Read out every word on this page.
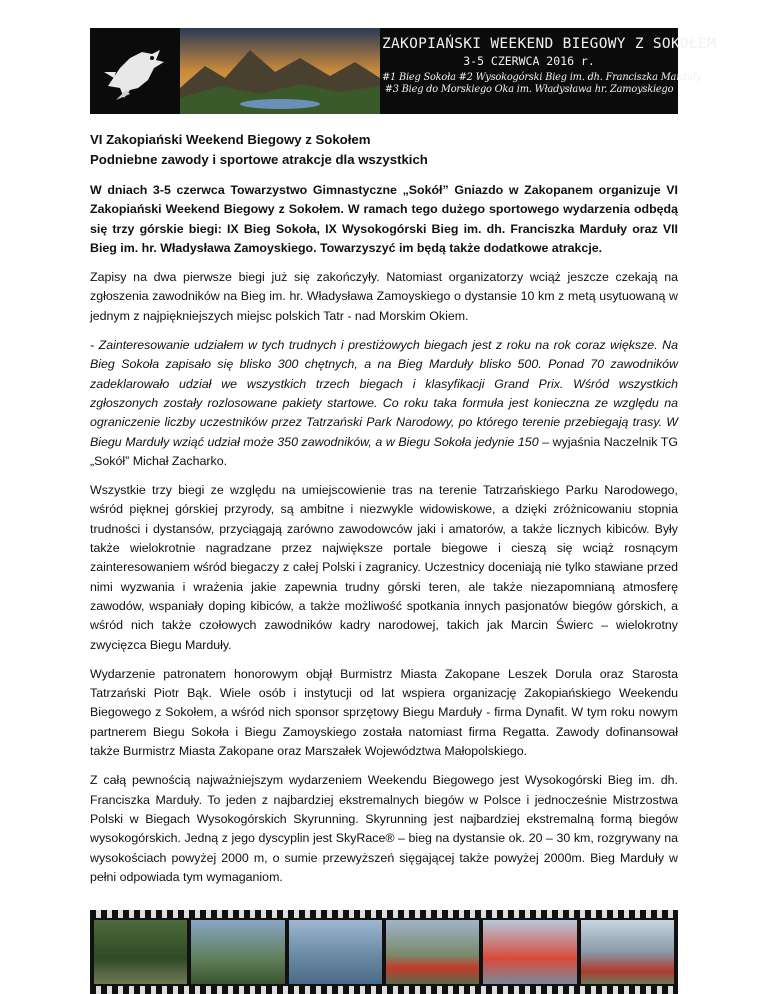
ZAKOPIAŃSKI WEEKEND BIEGOWY Z SOKOŁEM
3-5 CZERWCA 2016 r.
#1 Bieg Sokoła #2 Wysokogórski Bieg im. dh. Franciszka Marduły
#3 Bieg do Morskiego Oka im. Władysława hr. Zamoyskiego
VI Zakopiański Weekend Biegowy z Sokołem
Podniebne zawody i sportowe atrakcje dla wszystkich

W dniach 3-5 czerwca Towarzystwo Gimnastyczne „Sokół” Gniazdo w Zakopanem organizuje VI Zakopiański Weekend Biegowy z Sokołem. W ramach tego dużego sportowego wydarzenia odbędą się trzy górskie biegi: IX Bieg Sokoła, IX Wysokogórski Bieg im. dh. Franciszka Marduły oraz VII Bieg im. hr. Władysława Zamoyskiego. Towarzyszyć im będą także dodatkowe atrakcje.

Zapisy na dwa pierwsze biegi już się zakończyły. Natomiast organizatorzy wciąż jeszcze czekają na zgłoszenia zawodników na Bieg im. hr. Władysława Zamoyskiego o dystansie 10 km z metą usytuowaną w jednym z najpiękniejszych miejsc polskich Tatr - nad Morskim Okiem.

- Zainteresowanie udziałem w tych trudnych i prestiżowych biegach jest z roku na rok coraz większe. Na Bieg Sokoła zapisało się blisko 300 chętnych, a na Bieg Marduły blisko 500. Ponad 70 zawodników zadeklarowało udział we wszystkich trzech biegach i klasyfikacji Grand Prix. Wśród wszystkich zgłoszonych zostały rozlosowane pakiety startowe. Co roku taka formuła jest konieczna ze względu na ograniczenie liczby uczestników przez Tatrzański Park Narodowy, po którego terenie przebiegają trasy. W Biegu Marduły wziąć udział może 350 zawodników, a w Biegu Sokoła jedynie 150 – wyjaśnia Naczelnik TG „Sokół” Michał Zacharko.

Wszystkie trzy biegi ze względu na umiejscowienie tras na terenie Tatrzańskiego Parku Narodowego, wśród pięknej górskiej przyrody, są ambitne i niezwykle widowiskowe, a dzięki zróżnicowaniu stopnia trudności i dystansów, przyciągają zarówno zawodowców jaki i amatorów, a także licznych kibiców. Były także wielokrotnie nagradzane przez największe portale biegowe i cieszą się wciąż rosnącym zainteresowaniem wśród biegaczy z całej Polski i zagranicy. Uczestnicy doceniają nie tylko stawiane przed nimi wyzwania i wrażenia jakie zapewnia trudny górski teren, ale także niezapomnianą atmosferę zawodów, wspaniały doping kibiców, a także możliwość spotkania innych pasjonatów biegów górskich, a wśród nich także czołowych zawodników kadry narodowej, takich jak Marcin Świerc – wielokrotny zwycięzca Biegu Marduły.

Wydarzenie patronatem honorowym objął Burmistrz Miasta Zakopane Leszek Dorula oraz Starosta Tatrzański Piotr Bąk. Wiele osób i instytucji od lat wspiera organizację Zakopiańskiego Weekendu Biegowego z Sokołem, a wśród nich sponsor sprzętowy Biegu Marduły - firma Dynafit. W tym roku nowym partnerem Biegu Sokoła i Biegu Zamoyskiego została natomiast firma Regatta. Zawody dofinansował także Burmistrz Miasta Zakopane oraz Marszałek Województwa Małopolskiego.

Z całą pewnością najważniejszym wydarzeniem Weekendu Biegowego jest Wysokogórski Bieg im. dh. Franciszka Marduły. To jeden z najbardziej ekstremalnych biegów w Polsce i jednocześnie Mistrzostwa Polski w Biegach Wysokogórskich Skyrunning. Skyrunning jest najbardziej ekstremalną formą biegów wysokogórskich. Jedną z jego dyscyplin jest SkyRace® – bieg na dystansie ok. 20 – 30 km, rozgrywany na wysokościach powyżej 2000 m, o sumie przewyższeń sięgającej także powyżej 2000m. Bieg Marduły w pełni odpowiada tym wymaganiom.
